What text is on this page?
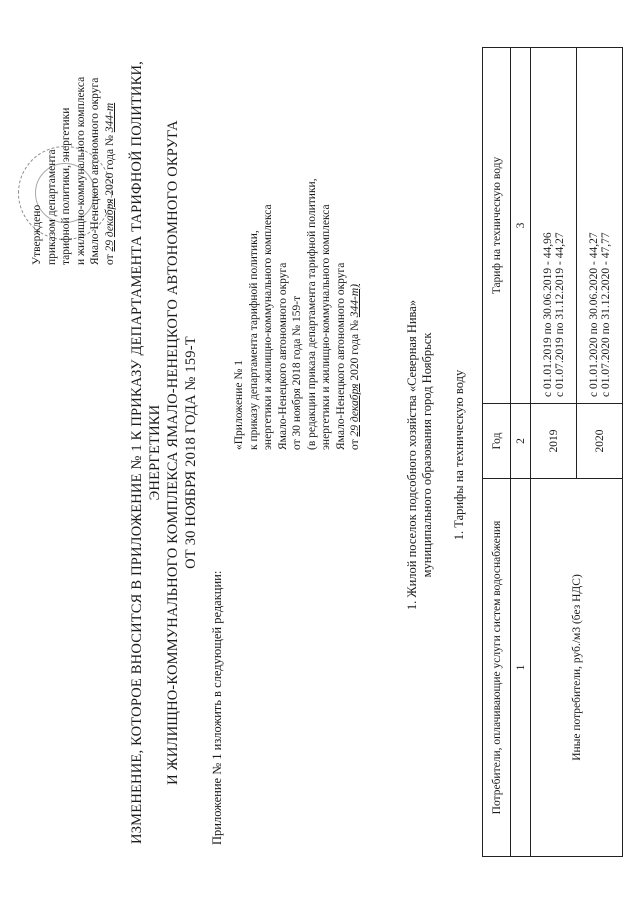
Утверждено приказом департамента тарифной политики, энергетики и жилищно-коммунального комплекса Ямало-Ненецкого автономного округа от 29 декабря 2020 года № 344-т ИЗМЕНЕНИЕ, КОТОРОЕ ВНОСИТСЯ В ПРИЛОЖЕНИЕ № 1 К ПРИКАЗУ ДЕПАРТАМЕНТА ТАРИФНОЙ ПОЛИТИКИ, ЭНЕРГЕТИКИ И ЖИЛИЩНО-КОММУНАЛЬНОГО КОМПЛЕКСА ЯМАЛО-НЕНЕЦКОГО АВТОНОМНОГО ОКРУГА ОТ 30 НОЯБРЯ 2018 ГОДА № 159-Т
Приложение № 1 изложить в следующей редакции:
«Приложение № 1 к приказу департамента тарифной политики, энергетики и жилищно-коммунального комплекса Ямало-Ненецкого автономного округа от 30 ноября 2018 года № 159-т (в редакции приказа департамента тарифной политики, энергетики и жилищно-коммунального комплекса Ямало-Ненецкого автономного округа от 29 декабря 2020 года № 344-т)	1. Жилой поселок подсобного хозяйства «Северная Нива» муниципального образования город Ноябрьск 1. Тарифы на техническую воду
Потребители, оплачивающие услуги систем водоснабжения	Год	Тариф на техническую воду
1	2	3
Иные потребители, руб./м3 (без НДС)	2019	с 01.01.2019 по 30.06.2019 - 44,96 с 01.07.2019 по 31.12.2019 - 44,27

	2020	с 01.01.2020 по 30.06.2020 - 44,27 с 01.07.2020 по 31.12.2020 - 47,77
